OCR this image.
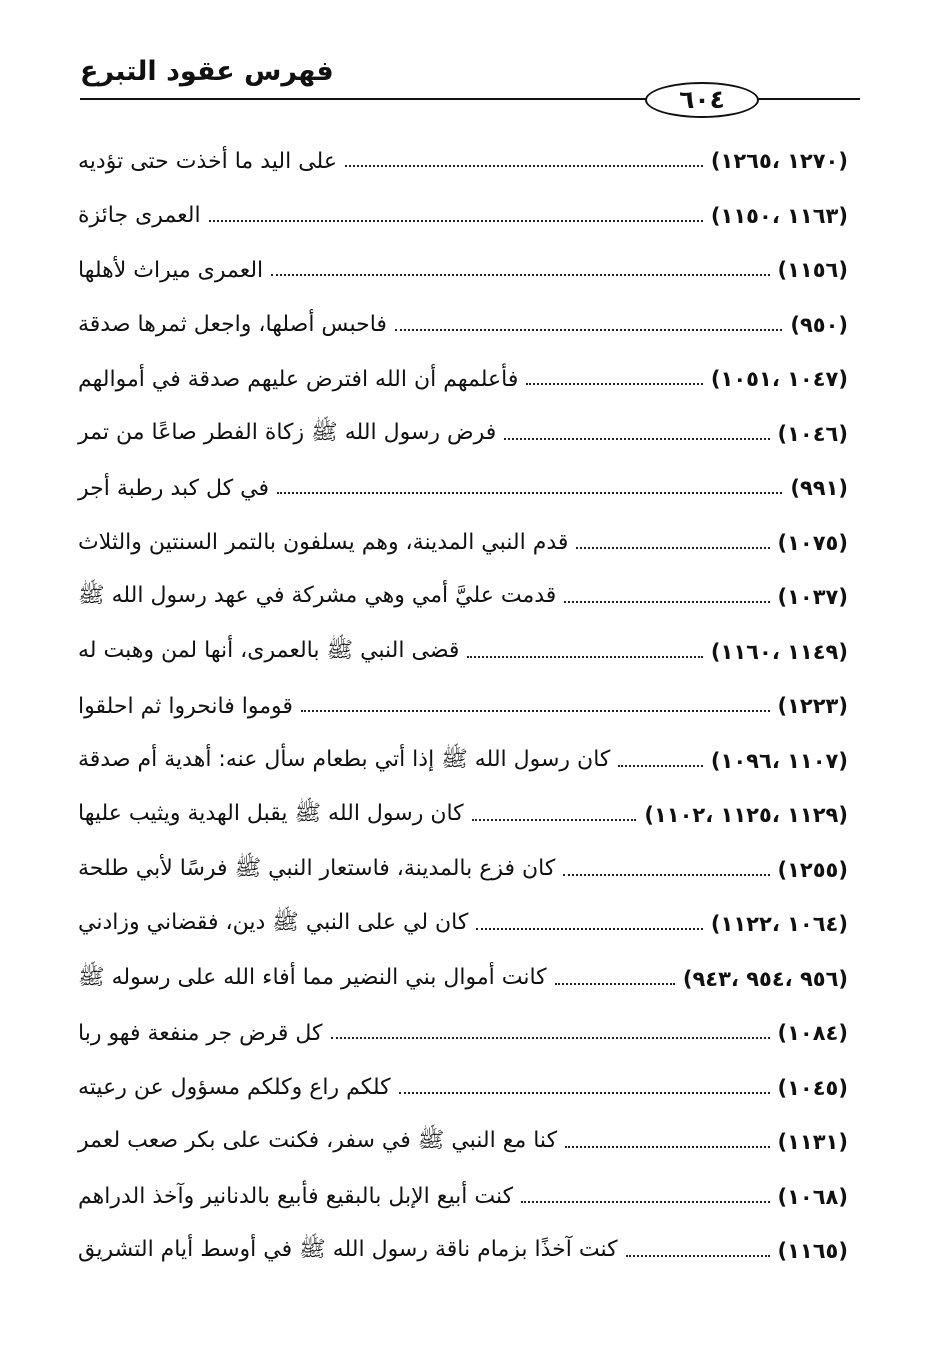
فهرس عقود التبرع
٦٠٤
على اليد ما أخذت حتى تؤديه	(١٢٧٠ ،١٢٦٥)
العمرى جائزة	(١١٦٣ ،١١٥٠)
العمرى ميراث لأهلها	(١١٥٦)
فاحبس أصلها، واجعل ثمرها صدقة	(٩٥٠)
فأعلمهم أن الله افترض عليهم صدقة في أموالهم	(١٠٤٧ ،١٠٥١)
فرض رسول الله ﷺ زكاة الفطر صاعًا من تمر	(١٠٤٦)
في كل كبد رطبة أجر	(٩٩١)
قدم النبي المدينة، وهم يسلفون بالتمر السنتين والثلاث	(١٠٧٥)
قدمت عليَّ أمي وهي مشركة في عهد رسول الله ﷺ	(١٠٣٧)
قضى النبي ﷺ بالعمرى، أنها لمن وهبت له	(١١٤٩ ،١١٦٠)
قوموا فانحروا ثم احلقوا	(١٢٢٣)
كان رسول الله ﷺ إذا أتي بطعام سأل عنه: أهدية أم صدقة	(١١٠٧ ،١٠٩٦)
كان رسول الله ﷺ يقبل الهدية ويثيب عليها	(١١٢٩ ،١١٢٥ ،١١٠٢)
كان فزع بالمدينة، فاستعار النبي ﷺ فرسًا لأبي طلحة	(١٢٥٥)
كان لي على النبي ﷺ دين، فقضاني وزادني	(١٠٦٤ ،١١٢٢)
كانت أموال بني النضير مما أفاء الله على رسوله ﷺ	(٩٥٦ ،٩٥٤ ،٩٤٣)
كل قرض جر منفعة فهو ربا	(١٠٨٤)
كلكم راع وكلكم مسؤول عن رعيته	(١٠٤٥)
كنا مع النبي ﷺ في سفر، فكنت على بكر صعب لعمر	(١١٣١)
كنت أبيع الإبل بالبقيع فأبيع بالدنانير وآخذ الدراهم	(١٠٦٨)
كنت آخذًا بزمام ناقة رسول الله ﷺ في أوسط أيام التشريق	(١١٦٥)
